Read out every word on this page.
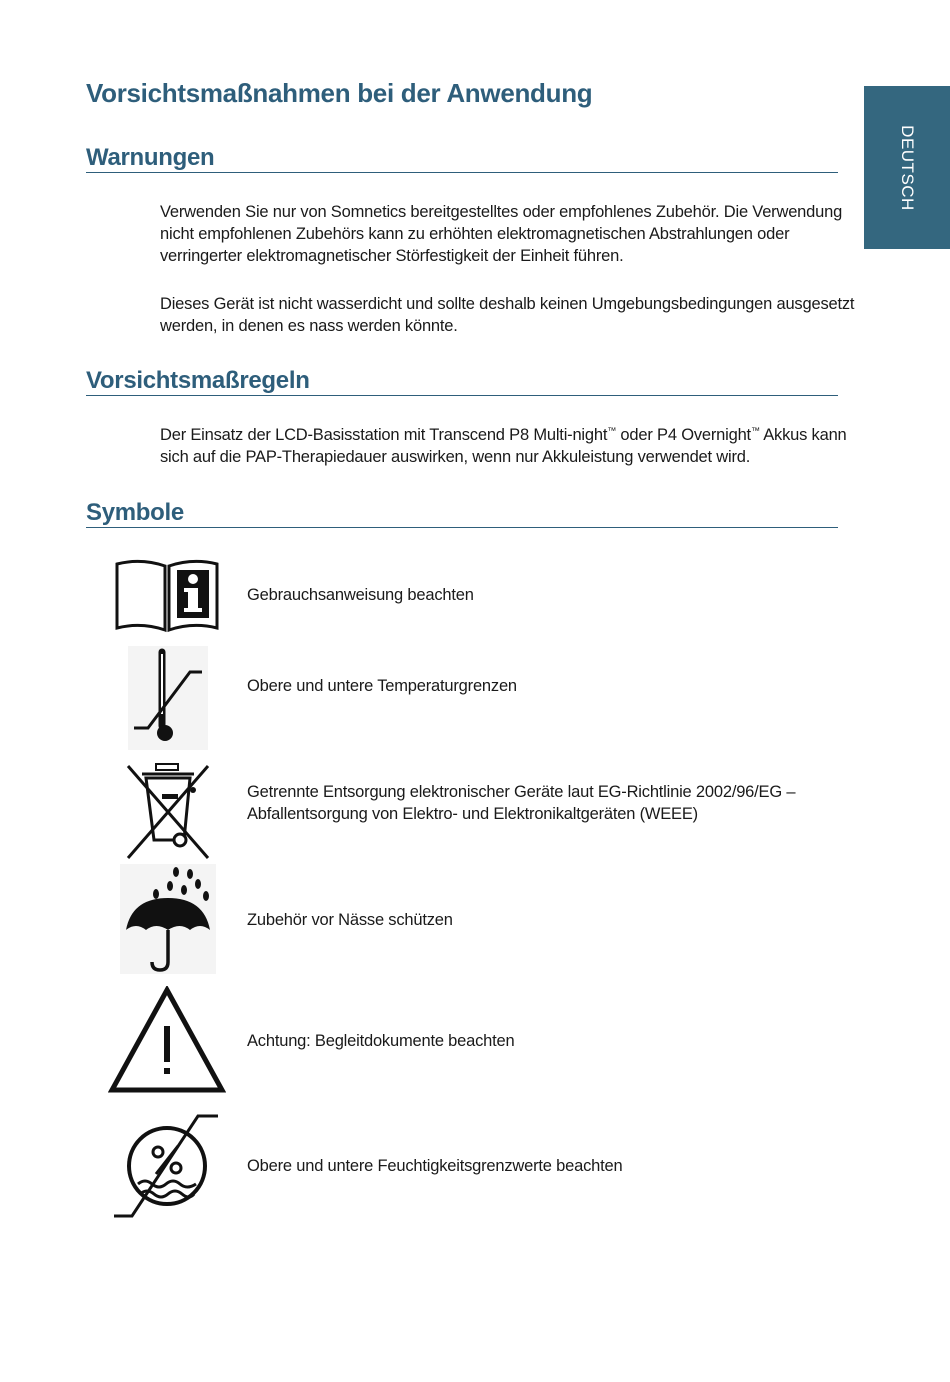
DEUTSCH
Vorsichtsmaßnahmen bei der Anwendung
Warnungen

Verwenden Sie nur von Somnetics bereitgestelltes oder empfohlenes Zubehör. Die Verwendung nicht empfohlenen Zubehörs kann zu erhöhten elektromagnetischen Abstrahlungen oder verringerter elektromagnetischer Störfestigkeit der Einheit führen.

Dieses Gerät ist nicht wasserdicht und sollte deshalb keinen Umgebungsbedingungen ausgesetzt werden, in denen es nass werden könnte.

Vorsichtsmaßregeln

Der Einsatz der LCD-Basisstation mit Transcend P8 Multi-night™ oder P4 Overnight™ Akkus kann sich auf die PAP-Therapiedauer auswirken, wenn nur Akkuleistung verwendet wird.

Symbole

Gebrauchsanweisung beachten

Obere und untere Temperaturgrenzen

Getrennte Entsorgung elektronischer Geräte laut EG-Richtlinie 2002/96/EG – Abfallentsorgung von Elektro- und Elektronikaltgeräten (WEEE)

Zubehör vor Nässe schützen

Achtung: Begleitdokumente beachten

Obere und untere Feuchtigkeitsgrenzwerte beachten
